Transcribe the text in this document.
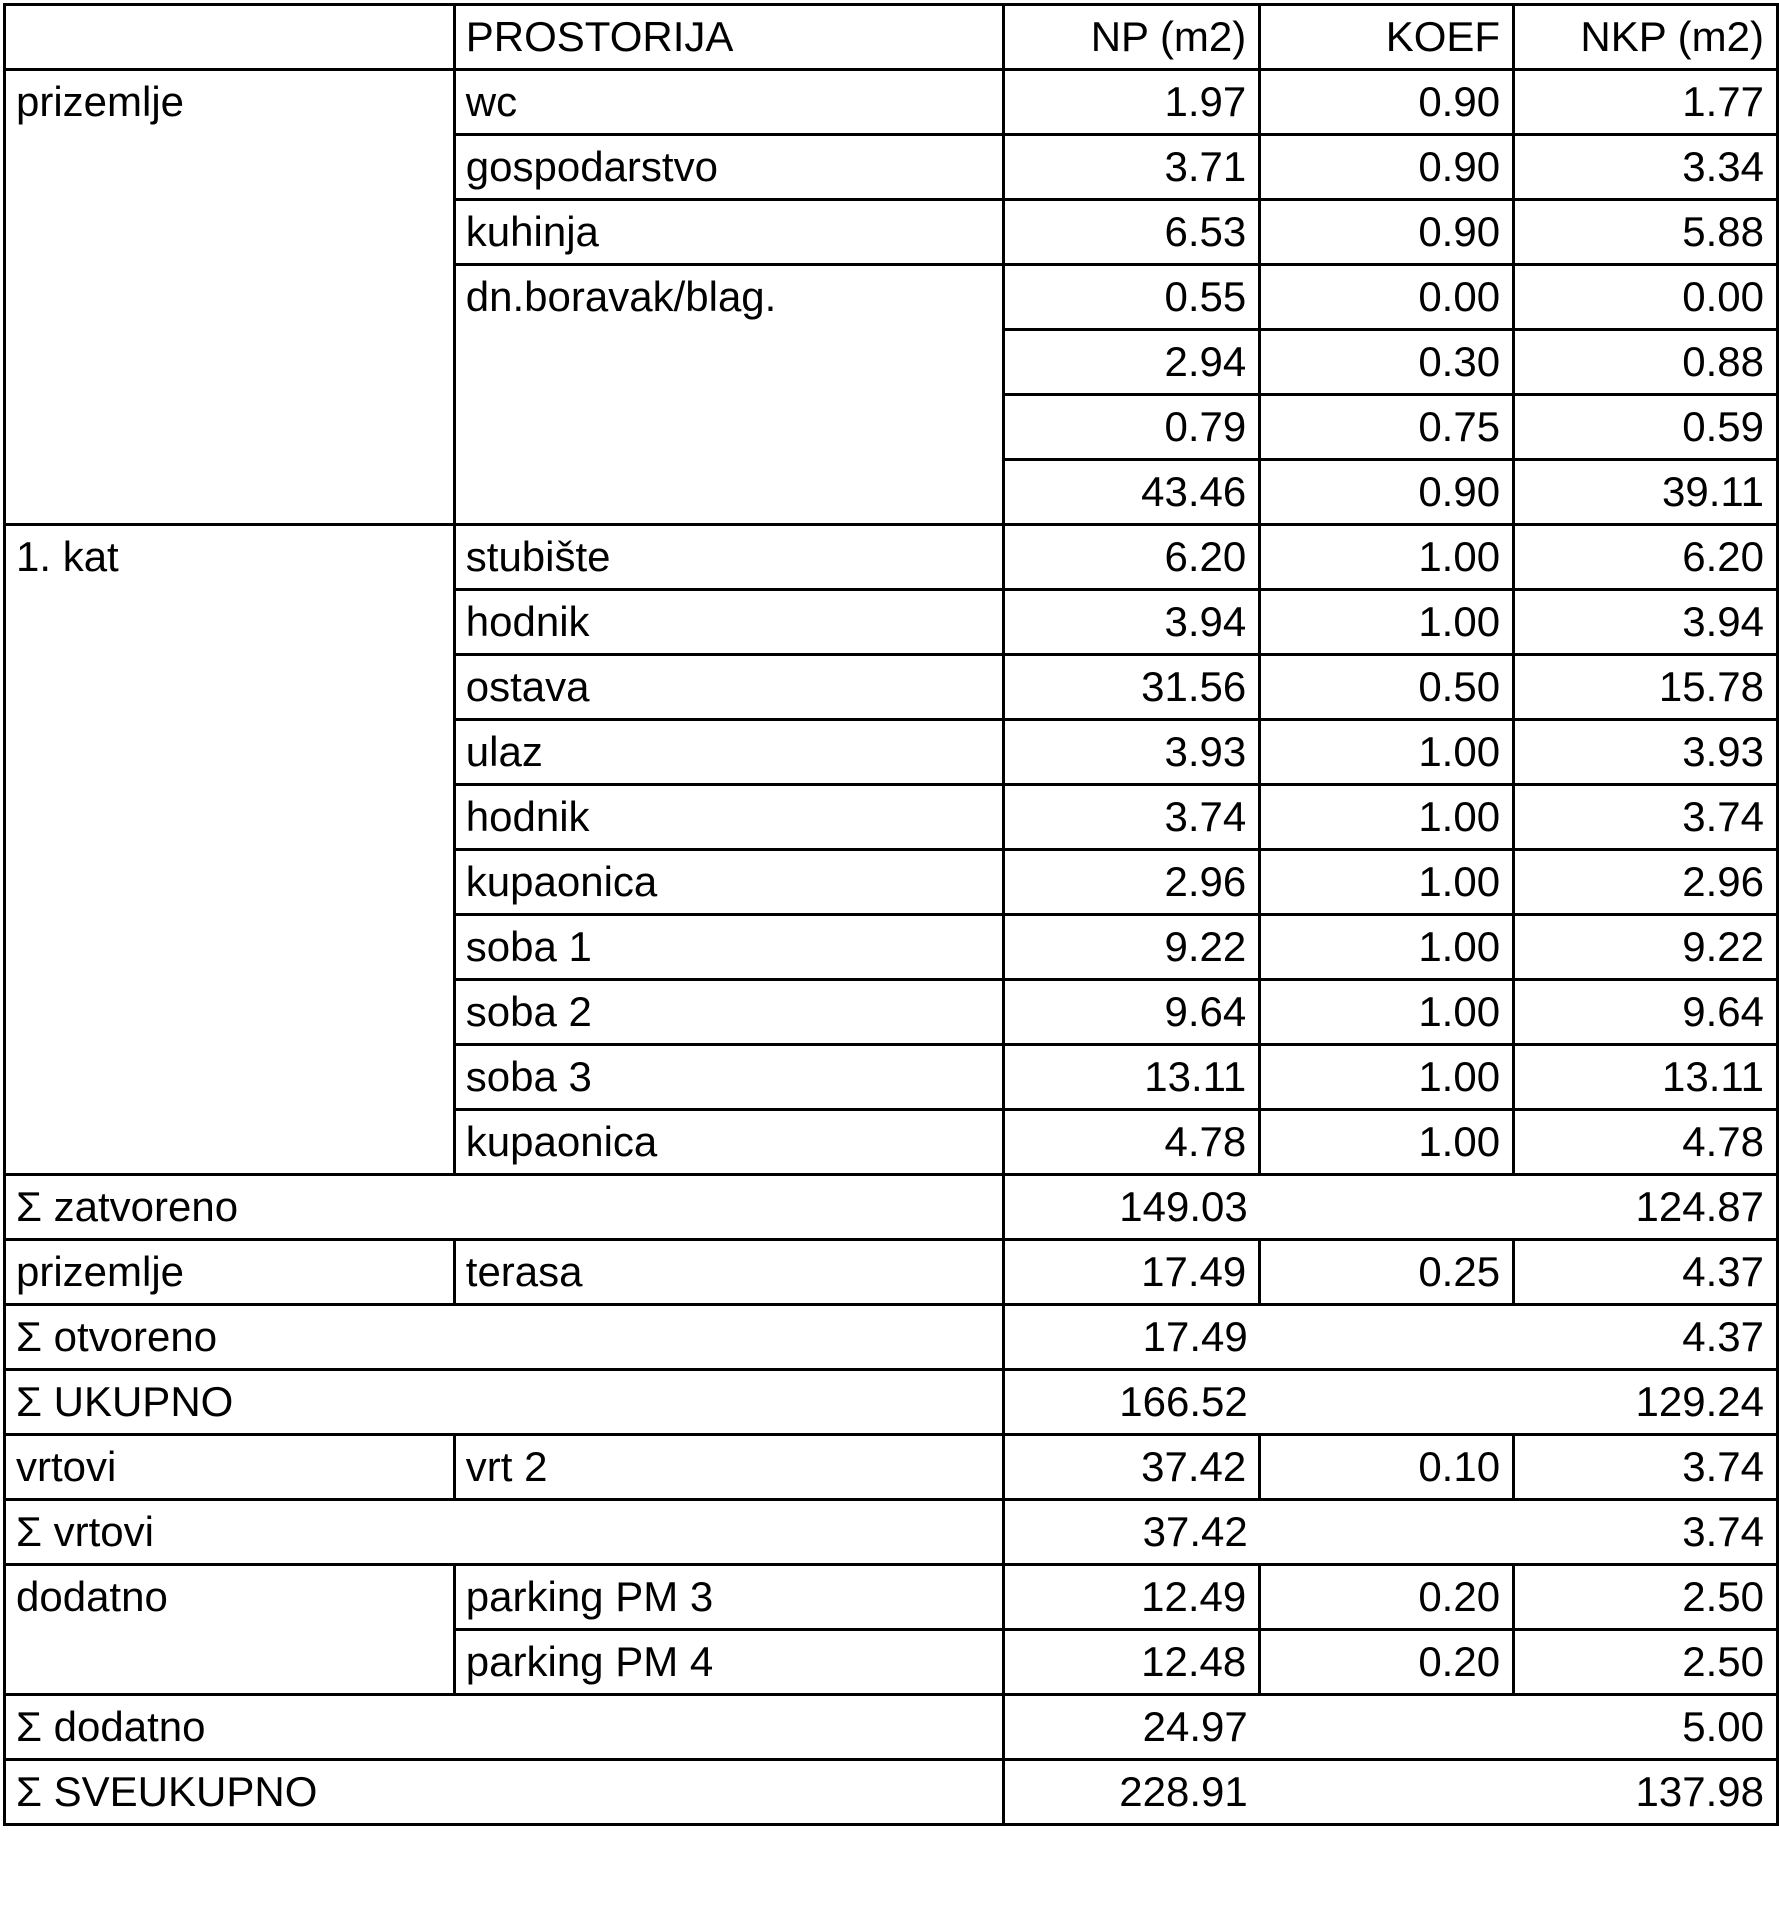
	PROSTORIJA	NP (m2)	KOEF	NKP (m2)
prizemlje	wc	1.97	0.90	1.77
	gospodarstvo	3.71	0.90	3.34
	kuhinja	6.53	0.90	5.88
	dn.boravak/blag.	0.55	0.00	0.00
		2.94	0.30	0.88
		0.79	0.75	0.59
		43.46	0.90	39.11
1. kat	stubište	6.20	1.00	6.20
	hodnik	3.94	1.00	3.94
	ostava	31.56	0.50	15.78
	ulaz	3.93	1.00	3.93
	hodnik	3.74	1.00	3.74
	kupaonica	2.96	1.00	2.96
	soba 1	9.22	1.00	9.22
	soba 2	9.64	1.00	9.64
	soba 3	13.11	1.00	13.11
	kupaonica	4.78	1.00	4.78
Σ zatvoreno		149.03		124.87
prizemlje	terasa	17.49	0.25	4.37
Σ otvoreno		17.49		4.37
Σ UKUPNO		166.52		129.24
vrtovi	vrt 2	37.42	0.10	3.74
Σ vrtovi		37.42		3.74
dodatno	parking PM 3	12.49	0.20	2.50
	parking PM 4	12.48	0.20	2.50
Σ dodatno		24.97		5.00
Σ SVEUKUPNO		228.91		137.98
